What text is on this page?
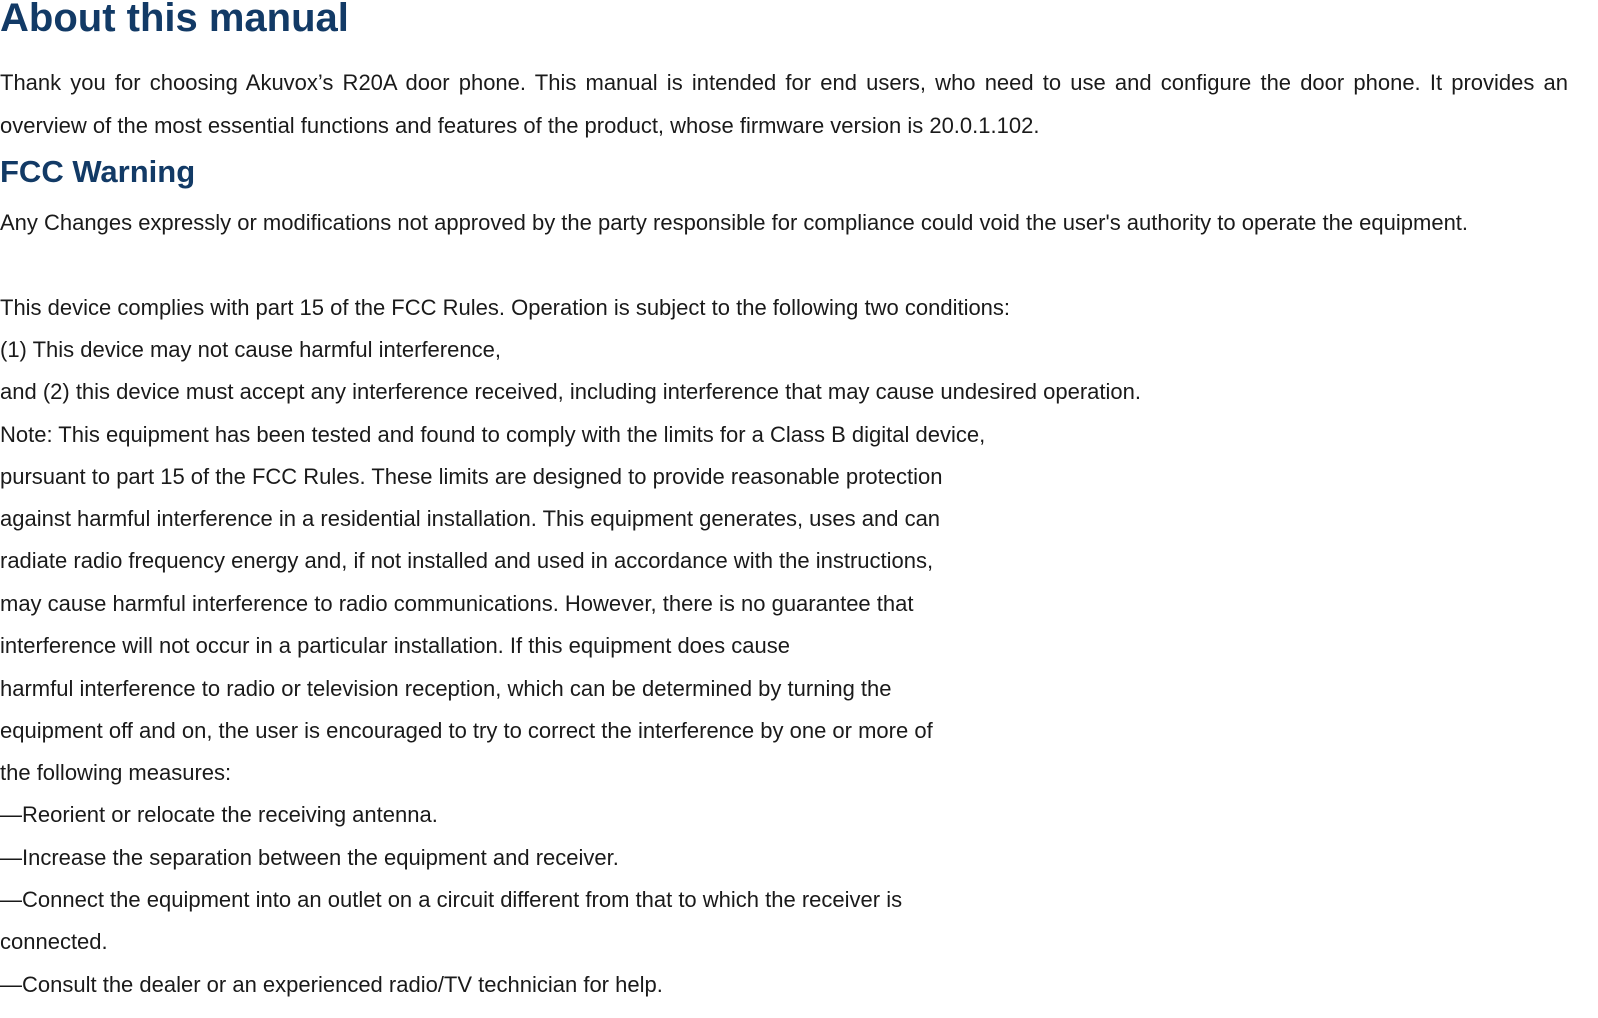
About this manual

Thank you for choosing Akuvox’s R20A door phone. This manual is intended for end users, who need to use and configure the door phone. It provides an overview of the most essential functions and features of the product, whose firmware version is 20.0.1.102.

FCC Warning

Any Changes expressly or modifications not approved by the party responsible for compliance could void the user's authority to operate the equipment.

This device complies with part 15 of the FCC Rules. Operation is subject to the following two conditions:

(1) This device may not cause harmful interference,

and (2) this device must accept any interference received, including interference that may cause undesired operation.

Note: This equipment has been tested and found to comply with the limits for a Class B digital device,

pursuant to part 15 of the FCC Rules. These limits are designed to provide reasonable protection

against harmful interference in a residential installation. This equipment generates, uses and can

radiate radio frequency energy and, if not installed and used in accordance with the instructions,

may cause harmful interference to radio communications. However, there is no guarantee that

interference will not occur in a particular installation. If this equipment does cause

harmful interference to radio or television reception, which can be determined by turning the

equipment off and on, the user is encouraged to try to correct the interference by one or more of

the following measures:

—Reorient or relocate the receiving antenna.

—Increase the separation between the equipment and receiver.

—Connect the equipment into an outlet on a circuit different from that to which the receiver is

connected.

—Consult the dealer or an experienced radio/TV technician for help.
